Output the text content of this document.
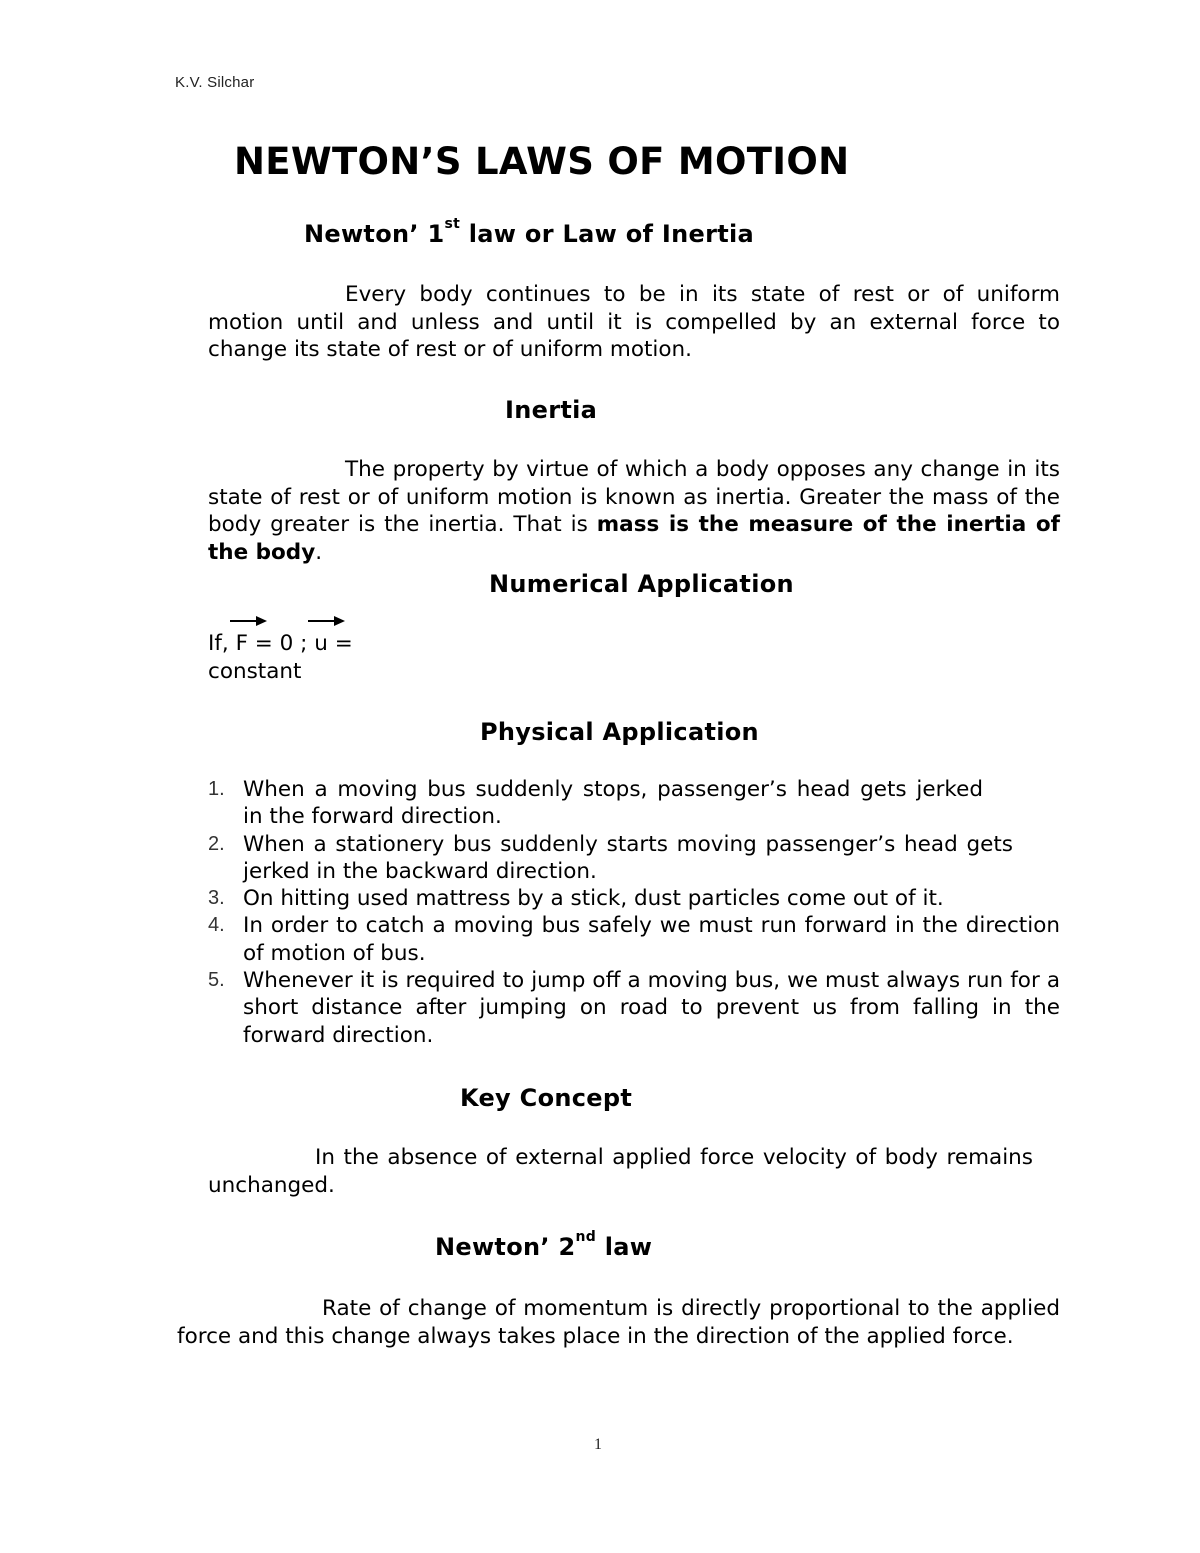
K.V. Silchar
NEWTON’S LAWS OF MOTION
Newton’ 1st law or Law of Inertia
Every body continues to be in its state of rest or of uniform motion until and unless and until it is compelled by an external force to change its state of rest or of uniform motion.
Inertia
The property by virtue of which a body opposes any change in its state of rest or of uniform motion is known as inertia. Greater the mass of the body greater is the inertia. That is mass is the measure of the inertia of the body.
Numerical Application
If,
F = 0 ;
u =
constant
Physical Application
1. When a moving bus suddenly stops, passenger’s head gets jerked in the forward direction.
2. When a stationery bus suddenly starts moving passenger’s head gets jerked in the backward direction.
3. On hitting used mattress by a stick, dust particles come out of it.
4. In order to catch a moving bus safely we must run forward in the direction of motion of bus.
5. Whenever it is required to jump off a moving bus, we must always run for a short distance after jumping on road to prevent us from falling in the forward direction.
Key Concept
In the absence of external applied force velocity of body remains unchanged.
Newton’ 2nd law
Rate of change of momentum is directly proportional to the applied force and this change always takes place in the direction of the applied force.
1
